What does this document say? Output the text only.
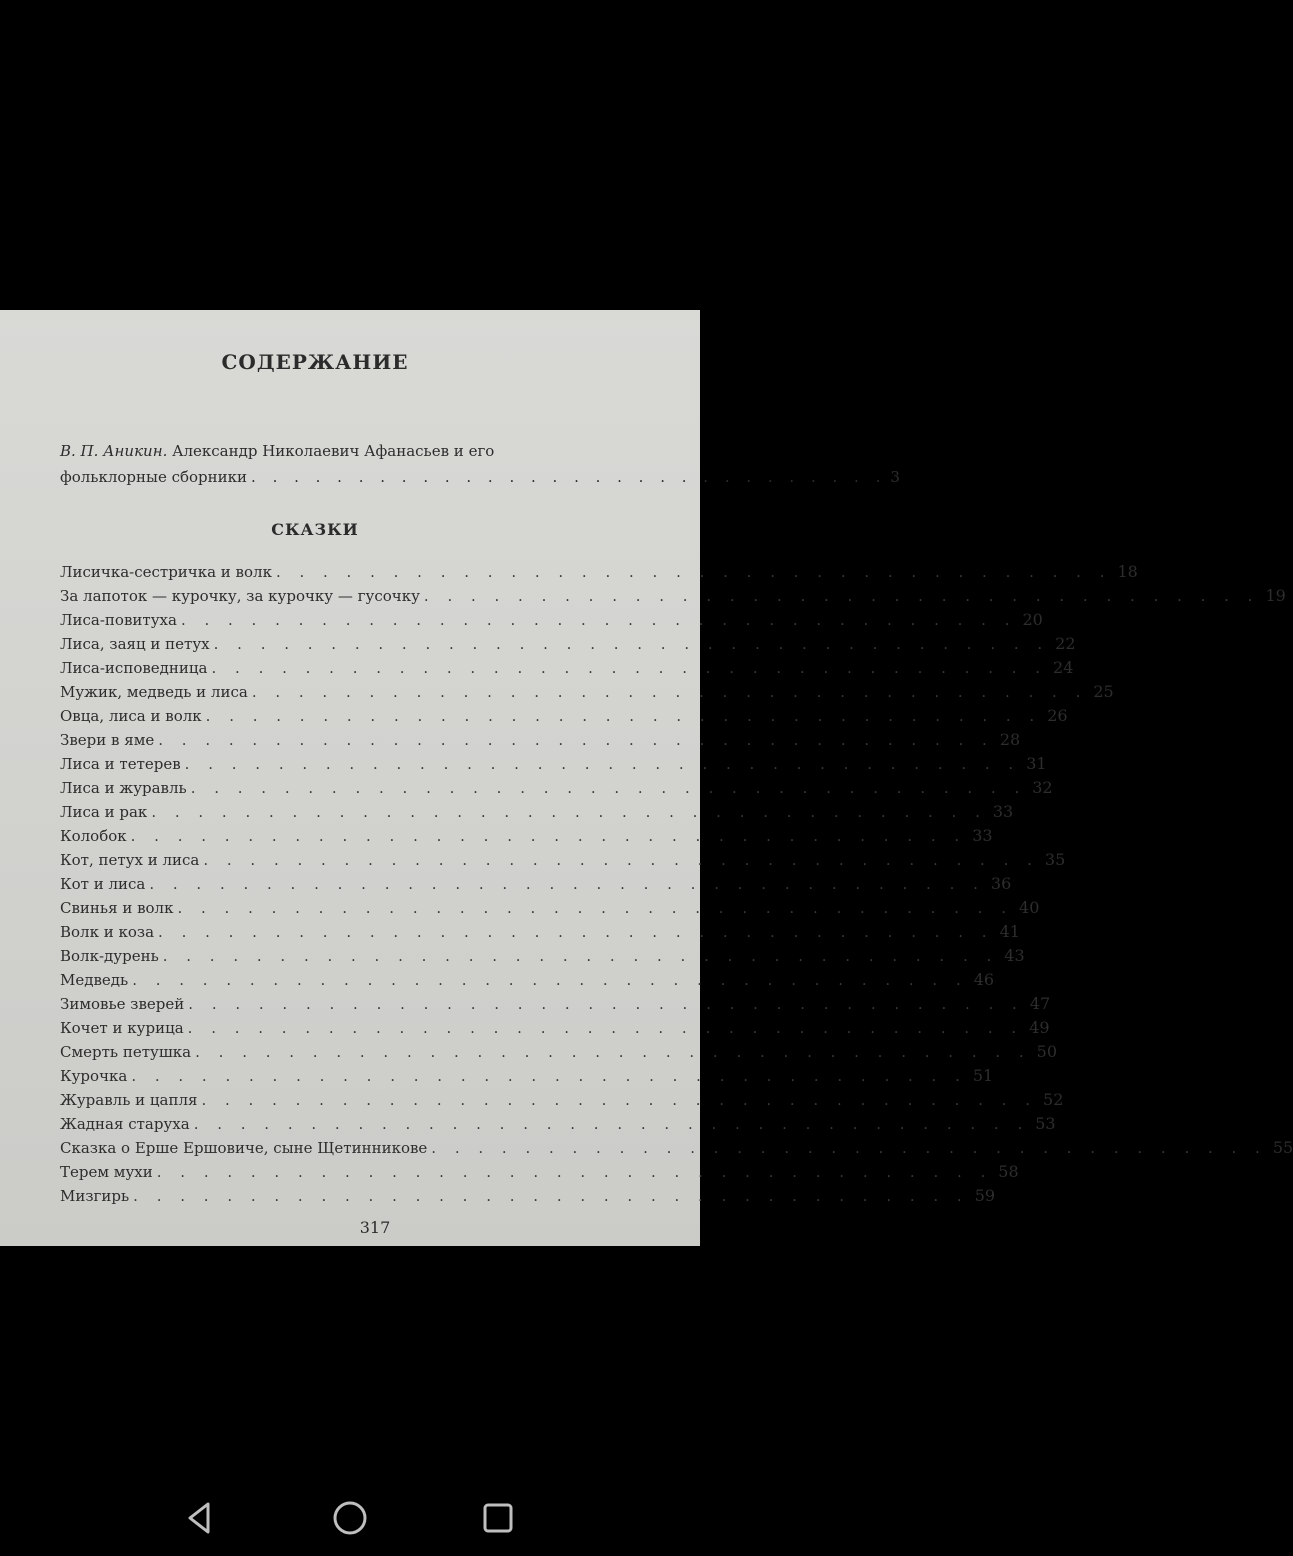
СОДЕРЖАНИЕ
В. П. Аникин. Александр Николаевич Афанасьев и его
фольклорные сборники . . . . . . . . . . . . . . . . . . . . . . . . . . . . . . 3
СКАЗКИ
Лисичка-сестричка и волк . . . . . . . . . . . . . . . . . . . . . . . . . . . . . . . . . . . . 18
За лапоток — курочку, за курочку — гусочку . . . . . . . . . . . . . . . . . . . . . . . . . . . . . . . . . . . . 19
Лиса-повитуха . . . . . . . . . . . . . . . . . . . . . . . . . . . . . . . . . . . . 20
Лиса, заяц и петух . . . . . . . . . . . . . . . . . . . . . . . . . . . . . . . . . . . . 22
Лиса-исповедница . . . . . . . . . . . . . . . . . . . . . . . . . . . . . . . . . . . . 24
Мужик, медведь и лиса . . . . . . . . . . . . . . . . . . . . . . . . . . . . . . . . . . . . 25
Овца, лиса и волк . . . . . . . . . . . . . . . . . . . . . . . . . . . . . . . . . . . . 26
Звери в яме . . . . . . . . . . . . . . . . . . . . . . . . . . . . . . . . . . . . 28
Лиса и тетерев . . . . . . . . . . . . . . . . . . . . . . . . . . . . . . . . . . . . 31
Лиса и журавль . . . . . . . . . . . . . . . . . . . . . . . . . . . . . . . . . . . . 32
Лиса и рак . . . . . . . . . . . . . . . . . . . . . . . . . . . . . . . . . . . . 33
Колобок . . . . . . . . . . . . . . . . . . . . . . . . . . . . . . . . . . . . 33
Кот, петух и лиса . . . . . . . . . . . . . . . . . . . . . . . . . . . . . . . . . . . . 35
Кот и лиса . . . . . . . . . . . . . . . . . . . . . . . . . . . . . . . . . . . . 36
Свинья и волк . . . . . . . . . . . . . . . . . . . . . . . . . . . . . . . . . . . . 40
Волк и коза . . . . . . . . . . . . . . . . . . . . . . . . . . . . . . . . . . . . 41
Волк-дурень . . . . . . . . . . . . . . . . . . . . . . . . . . . . . . . . . . . . 43
Медведь . . . . . . . . . . . . . . . . . . . . . . . . . . . . . . . . . . . . 46
Зимовье зверей . . . . . . . . . . . . . . . . . . . . . . . . . . . . . . . . . . . . 47
Кочет и курица . . . . . . . . . . . . . . . . . . . . . . . . . . . . . . . . . . . . 49
Смерть петушка . . . . . . . . . . . . . . . . . . . . . . . . . . . . . . . . . . . . 50
Курочка . . . . . . . . . . . . . . . . . . . . . . . . . . . . . . . . . . . . 51
Журавль и цапля . . . . . . . . . . . . . . . . . . . . . . . . . . . . . . . . . . . . 52
Жадная старуха . . . . . . . . . . . . . . . . . . . . . . . . . . . . . . . . . . . . 53
Сказка о Ерше Ершовиче, сыне Щетинникове . . . . . . . . . . . . . . . . . . . . . . . . . . . . . . . . . . . . 55
Терем мухи . . . . . . . . . . . . . . . . . . . . . . . . . . . . . . . . . . . . 58
Мизгирь . . . . . . . . . . . . . . . . . . . . . . . . . . . . . . . . . . . . 59
317
